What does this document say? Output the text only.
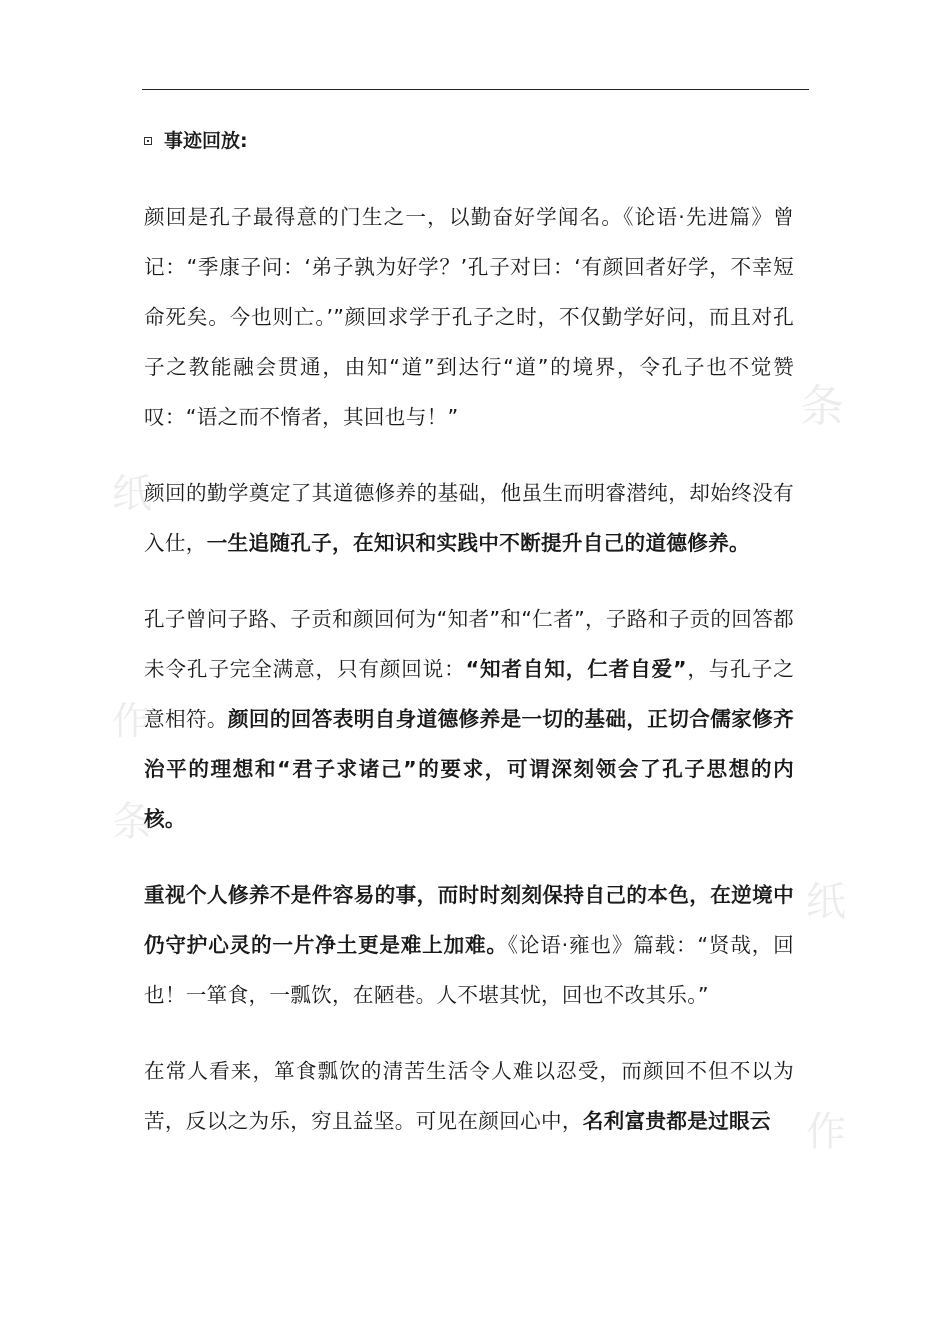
条
纸
作
条
纸
作
事迹回放:

颜回是孔子最得意的门生之一，以勤奋好学闻名。《论语·先进篇》曾记：“季康子问：‘弟子孰为好学？’孔子对曰：‘有颜回者好学，不幸短命死矣。今也则亡。’”颜回求学于孔子之时，不仅勤学好问，而且对孔子之教能融会贯通，由知“道”到达行“道”的境界，令孔子也不觉赞叹：“语之而不惰者，其回也与！”

颜回的勤学奠定了其道德修养的基础，他虽生而明睿潜纯，却始终没有入仕，一生追随孔子，在知识和实践中不断提升自己的道德修养。

孔子曾问子路、子贡和颜回何为“知者”和“仁者”，子路和子贡的回答都未令孔子完全满意，只有颜回说：“知者自知，仁者自爱”，与孔子之意相符。颜回的回答表明自身道德修养是一切的基础，正切合儒家修齐治平的理想和“君子求诸己”的要求，可谓深刻领会了孔子思想的内核。

重视个人修养不是件容易的事，而时时刻刻保持自己的本色，在逆境中仍守护心灵的一片净土更是难上加难。《论语·雍也》篇载：“贤哉，回也！一箪食，一瓢饮，在陋巷。人不堪其忧，回也不改其乐。”

在常人看来，箪食瓢饮的清苦生活令人难以忍受，而颜回不但不以为苦，反以之为乐，穷且益坚。可见在颜回心中，名利富贵都是过眼云
